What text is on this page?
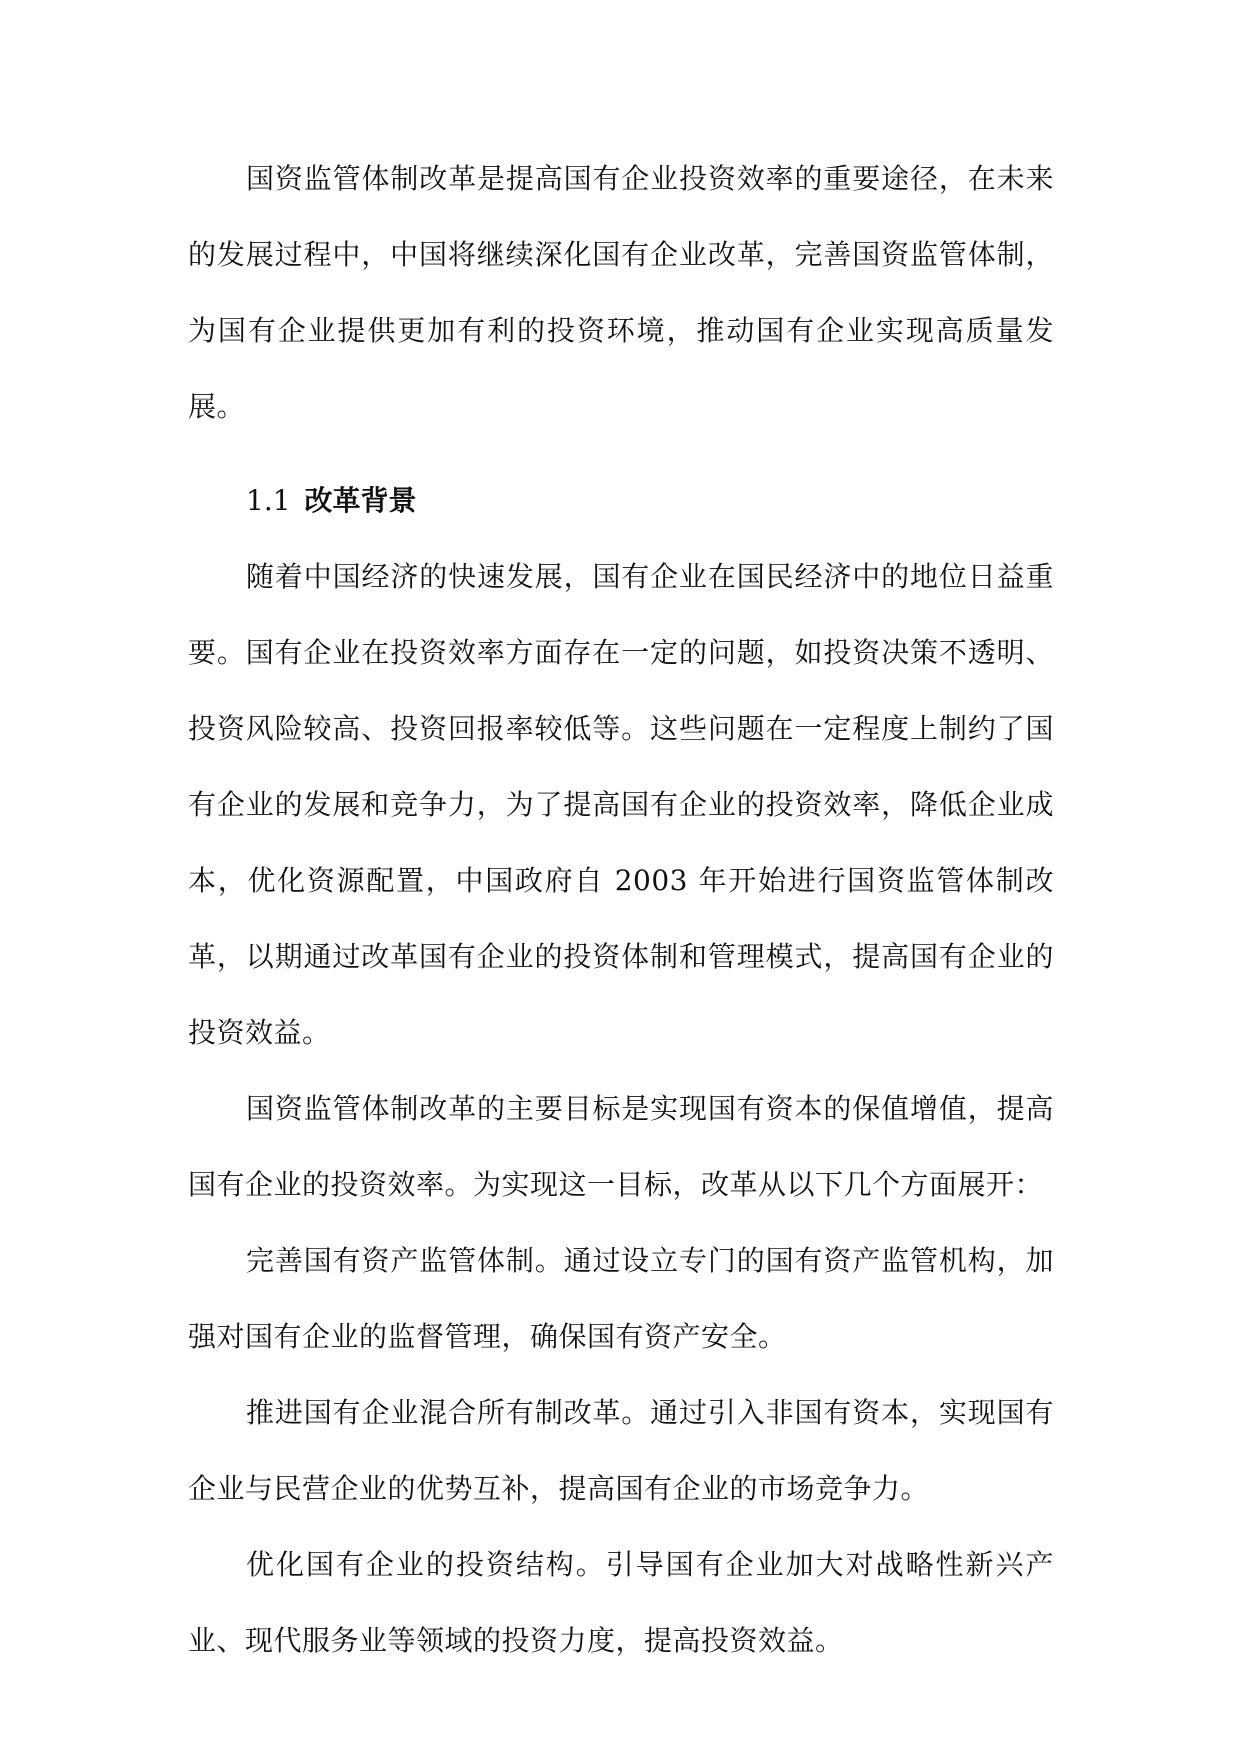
国资监管体制改革是提高国有企业投资效率的重要途径，在未来的发展过程中，中国将继续深化国有企业改革，完善国资监管体制，为国有企业提供更加有利的投资环境，推动国有企业实现高质量发展。

1.1 改革背景

随着中国经济的快速发展，国有企业在国民经济中的地位日益重要。国有企业在投资效率方面存在一定的问题，如投资决策不透明、投资风险较高、投资回报率较低等。这些问题在一定程度上制约了国有企业的发展和竞争力，为了提高国有企业的投资效率，降低企业成本，优化资源配置，中国政府自 2003 年开始进行国资监管体制改革，以期通过改革国有企业的投资体制和管理模式，提高国有企业的投资效益。

国资监管体制改革的主要目标是实现国有资本的保值增值，提高国有企业的投资效率。为实现这一目标，改革从以下几个方面展开：

完善国有资产监管体制。通过设立专门的国有资产监管机构，加强对国有企业的监督管理，确保国有资产安全。

推进国有企业混合所有制改革。通过引入非国有资本，实现国有企业与民营企业的优势互补，提高国有企业的市场竞争力。

优化国有企业的投资结构。引导国有企业加大对战略性新兴产业、现代服务业等领域的投资力度，提高投资效益。
